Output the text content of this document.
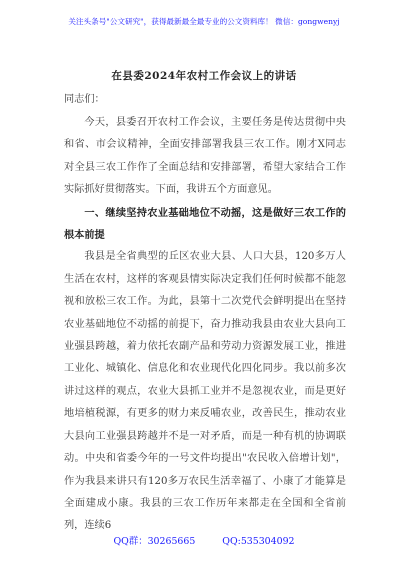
关注头条号"公文研究"，获得最新最全最专业的公文资料库！ 微信：gongwenyj
在县委2024年农村工作会议上的讲话
同志们：

今天，县委召开农村工作会议，主要任务是传达贯彻中央和省、市会议精神，全面安排部署我县三农工作。刚才X同志对全县三农工作作了全面总结和安排部署，希望大家结合工作实际抓好贯彻落实。下面，我讲五个方面意见。

一、继续坚持农业基础地位不动摇，这是做好三农工作的根本前提

我县是全省典型的丘区农业大县、人口大县，120多万人生活在农村，这样的客观县情实际决定我们任何时候都不能忽视和放松三农工作。为此，县第十二次党代会鲜明提出在坚持农业基础地位不动摇的前提下，奋力推动我县由农业大县向工业强县跨越，着力依托农副产品和劳动力资源发展工业，推进工业化、城镇化、信息化和农业现代化四化同步。我以前多次讲过这样的观点，农业大县抓工业并不是忽视农业，而是更好地培植税源，有更多的财力来反哺农业，改善民生，推动农业大县向工业强县跨越并不是一对矛盾，而是一种有机的协调联动。中央和省委今年的一号文件均提出"农民收入倍增计划"，作为我县来讲只有120多万农民生活幸福了、小康了才能算是全面建成小康。我县的三农工作历年来都走在全国和全省前列，连续6

QQ群：30265665	QQ:535304092
